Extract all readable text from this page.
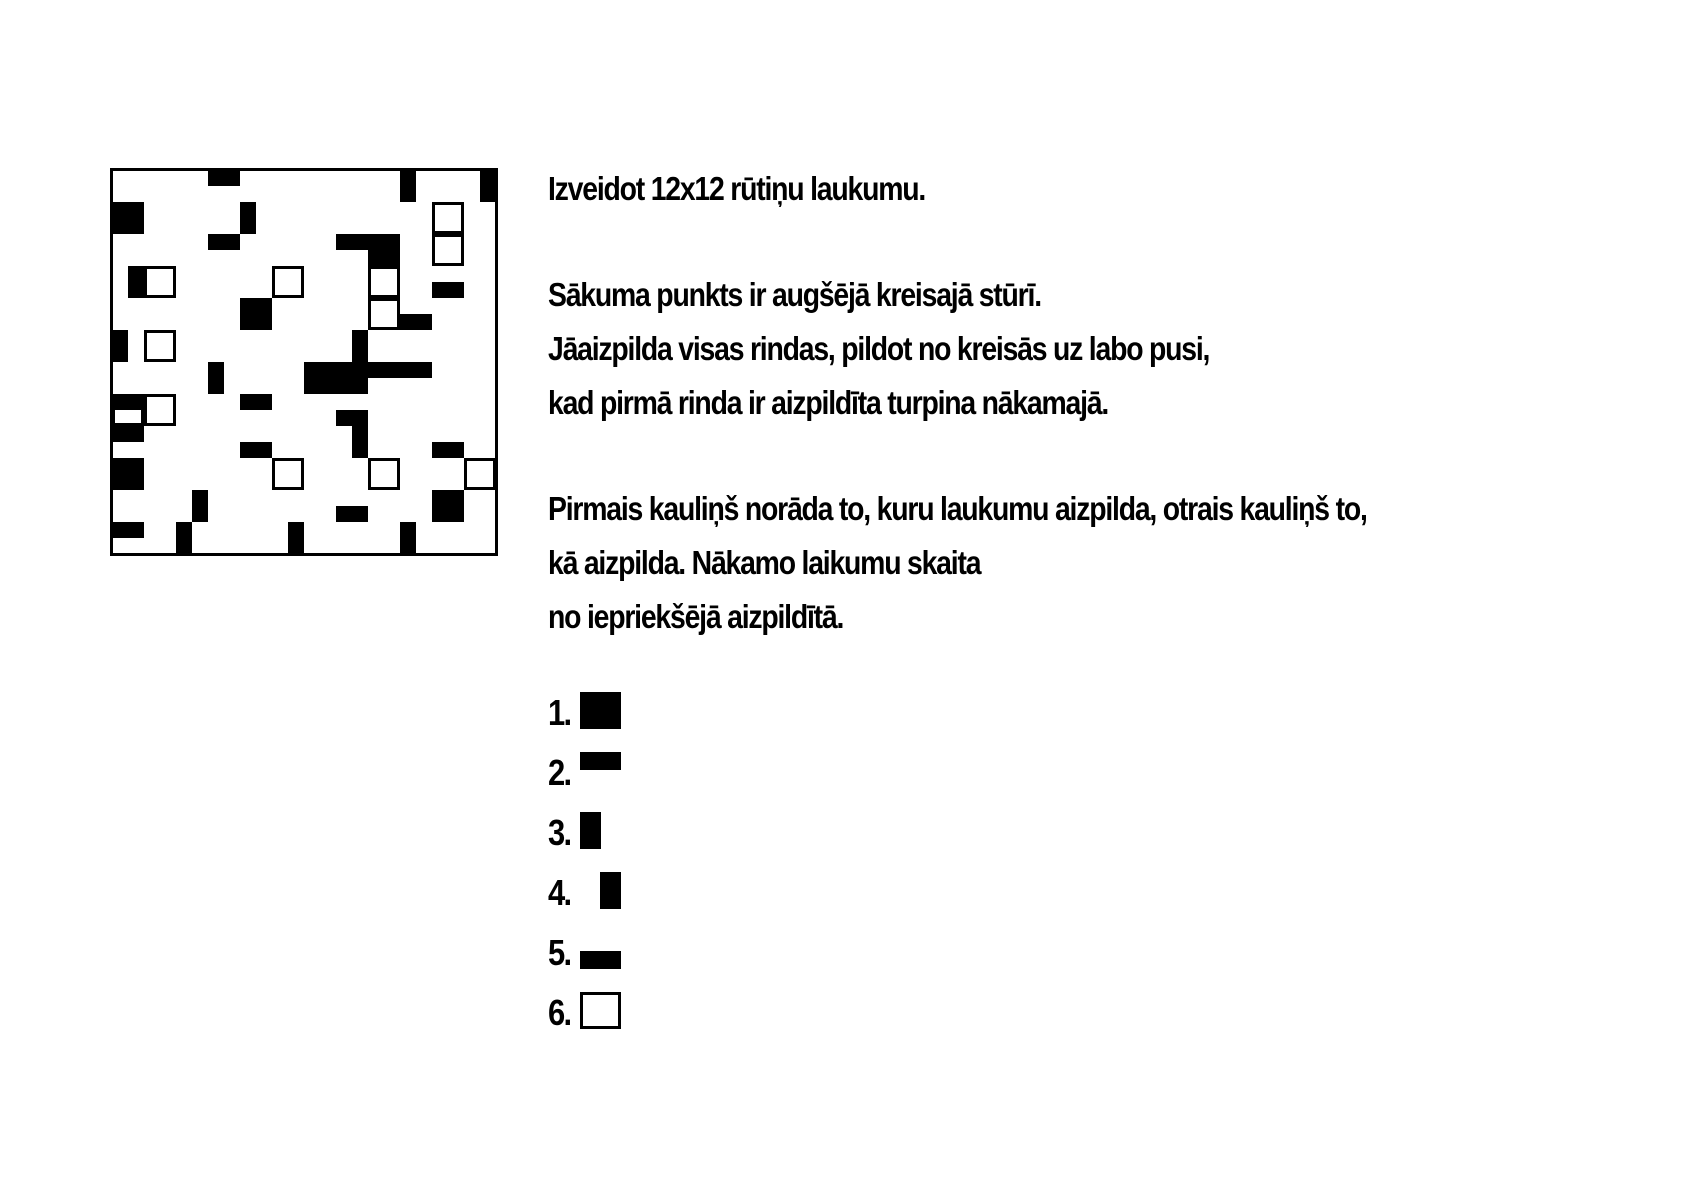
Izveidot 12x12 rūtiņu laukumu.
Sākuma punkts ir augšējā kreisajā stūrī.
Jāaizpilda visas rindas, pildot no kreisās uz labo pusi,
kad pirmā rinda ir aizpildīta turpina nākamajā.
Pirmais kauliņš norāda to, kuru laukumu aizpilda, otrais kauliņš to,
kā aizpilda. Nākamo laikumu skaita
no iepriekšējā aizpildītā.
1.
2.
3.
4.
5.
6.
